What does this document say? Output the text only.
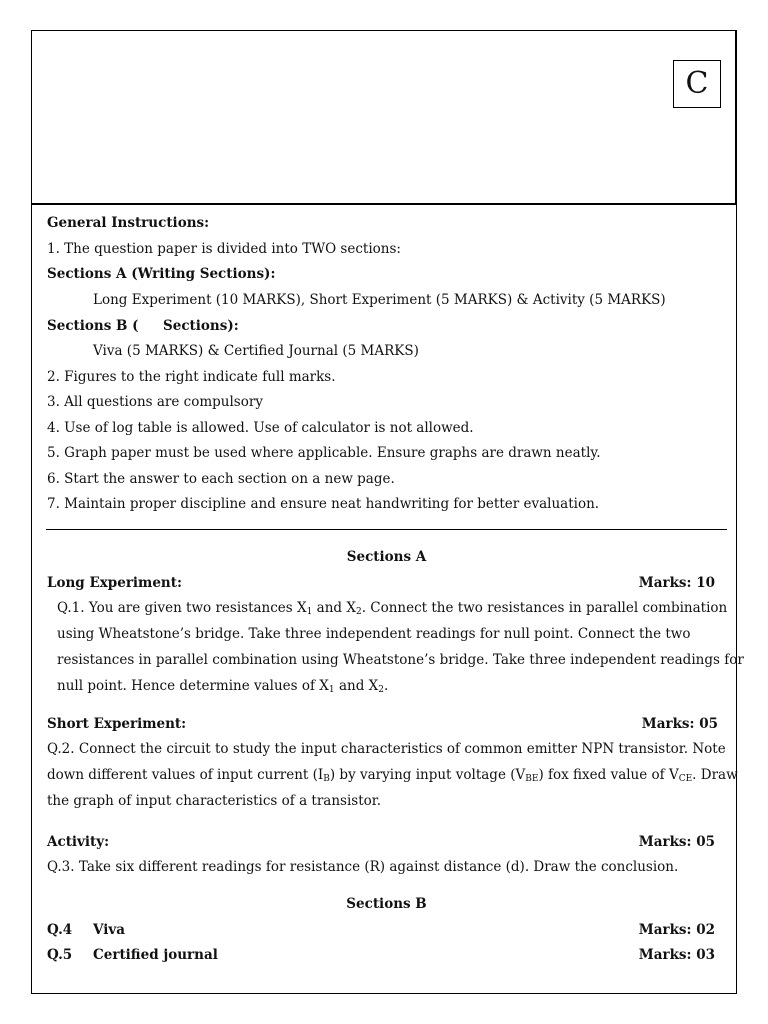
C
General Instructions:
1. The question paper is divided into TWO sections:
Sections A (Writing Sections):
Long Experiment (10 MARKS), Short Experiment (5 MARKS) & Activity (5 MARKS)
Sections B ( Sections):
Viva (5 MARKS) & Certified Journal (5 MARKS)
2. Figures to the right indicate full marks.
3. All questions are compulsory
4. Use of log table is allowed. Use of calculator is not allowed.
5. Graph paper must be used where applicable. Ensure graphs are drawn neatly.
6. Start the answer to each section on a new page.
7. Maintain proper discipline and ensure neat handwriting for better evaluation.
Sections A
Long Experiment:	Marks: 10
Q.1. You are given two resistances $X_1$ and $X_2$. Connect the two resistances in parallel combination
using Wheatstone’s bridge. Take three independent readings for null point. Connect the two
resistances in parallel combination using Wheatstone’s bridge. Take three independent readings for
null point. Hence determine values of $X_1$ and $X_2$.
Short Experiment:	Marks: 05
Q.2. Connect the circuit to study the input characteristics of common emitter NPN transistor. Note
down different values of input current $(I_B)$ by varying input voltage $(V_{BE})$ fox fixed value of $V_{CE}$. Draw
the graph of input characteristics of a transistor.
Activity:	Marks: 05
Q.3. Take six different readings for resistance (R) against distance (d). Draw the conclusion.
Sections B
Q.4 Viva	Marks: 02
Q.5 Certified journal	Marks: 03
